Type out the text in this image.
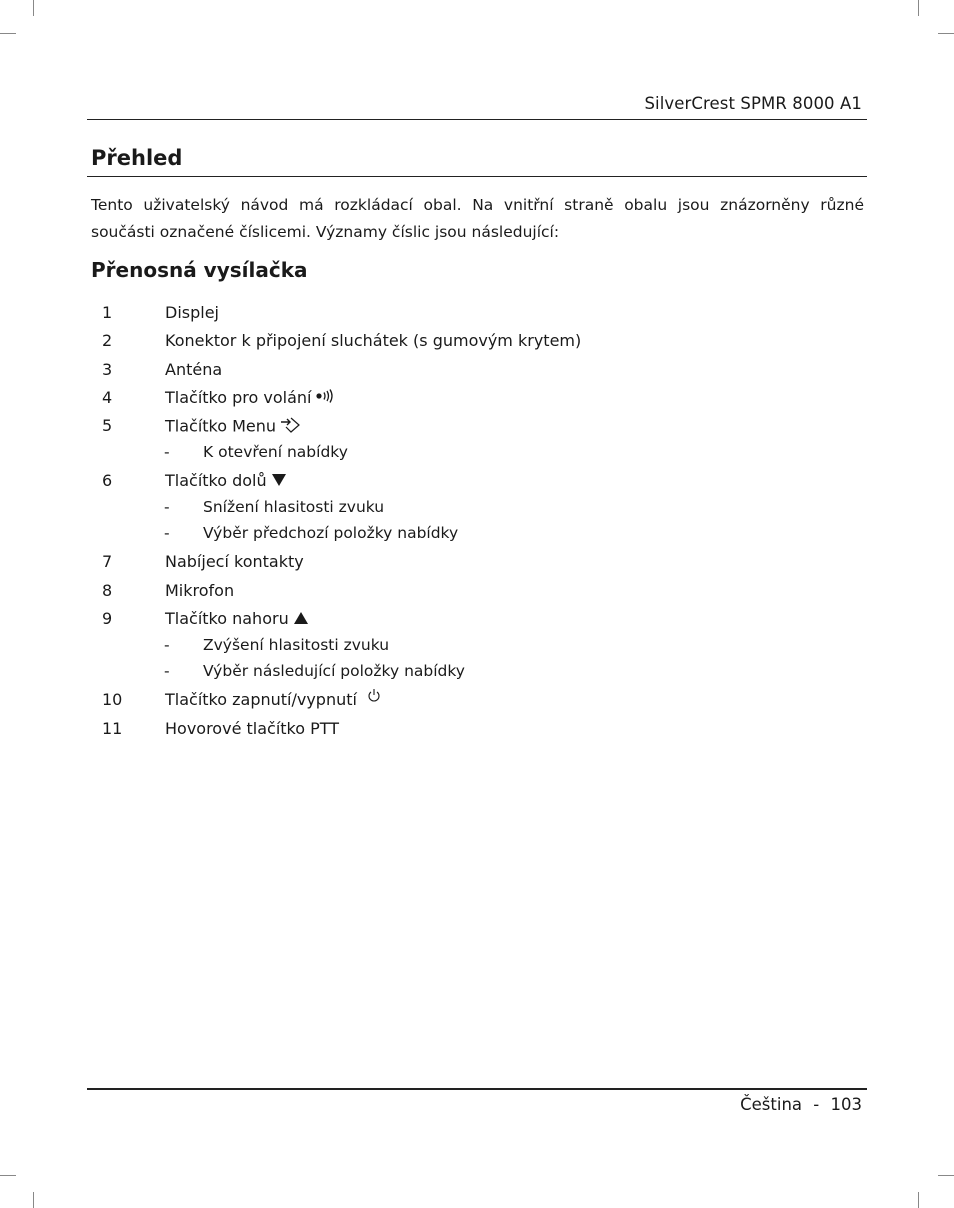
SilverCrest SPMR 8000 A1
Přehled

Tento uživatelský návod má rozkládací obal. Na vnitřní straně obalu jsou znázorněny různé součásti označené číslicemi. Významy číslic jsou následující:

Přenosná vysílačka
1	Displej
2	Konektor k připojení sluchátek (s gumovým krytem)
3	Anténa
4	Tlačítko pro volání
5	Tlačítko Menu
- K otevření nabídky
6	Tlačítko dolů
- Snížení hlasitosti zvuku
- Výběr předchozí položky nabídky
7	Nabíjecí kontakty
8	Mikrofon
9	Tlačítko nahoru
- Zvýšení hlasitosti zvuku
- Výběr následující položky nabídky
10	Tlačítko zapnutí/vypnutí
11	Hovorové tlačítko PTT
Čeština - 103
